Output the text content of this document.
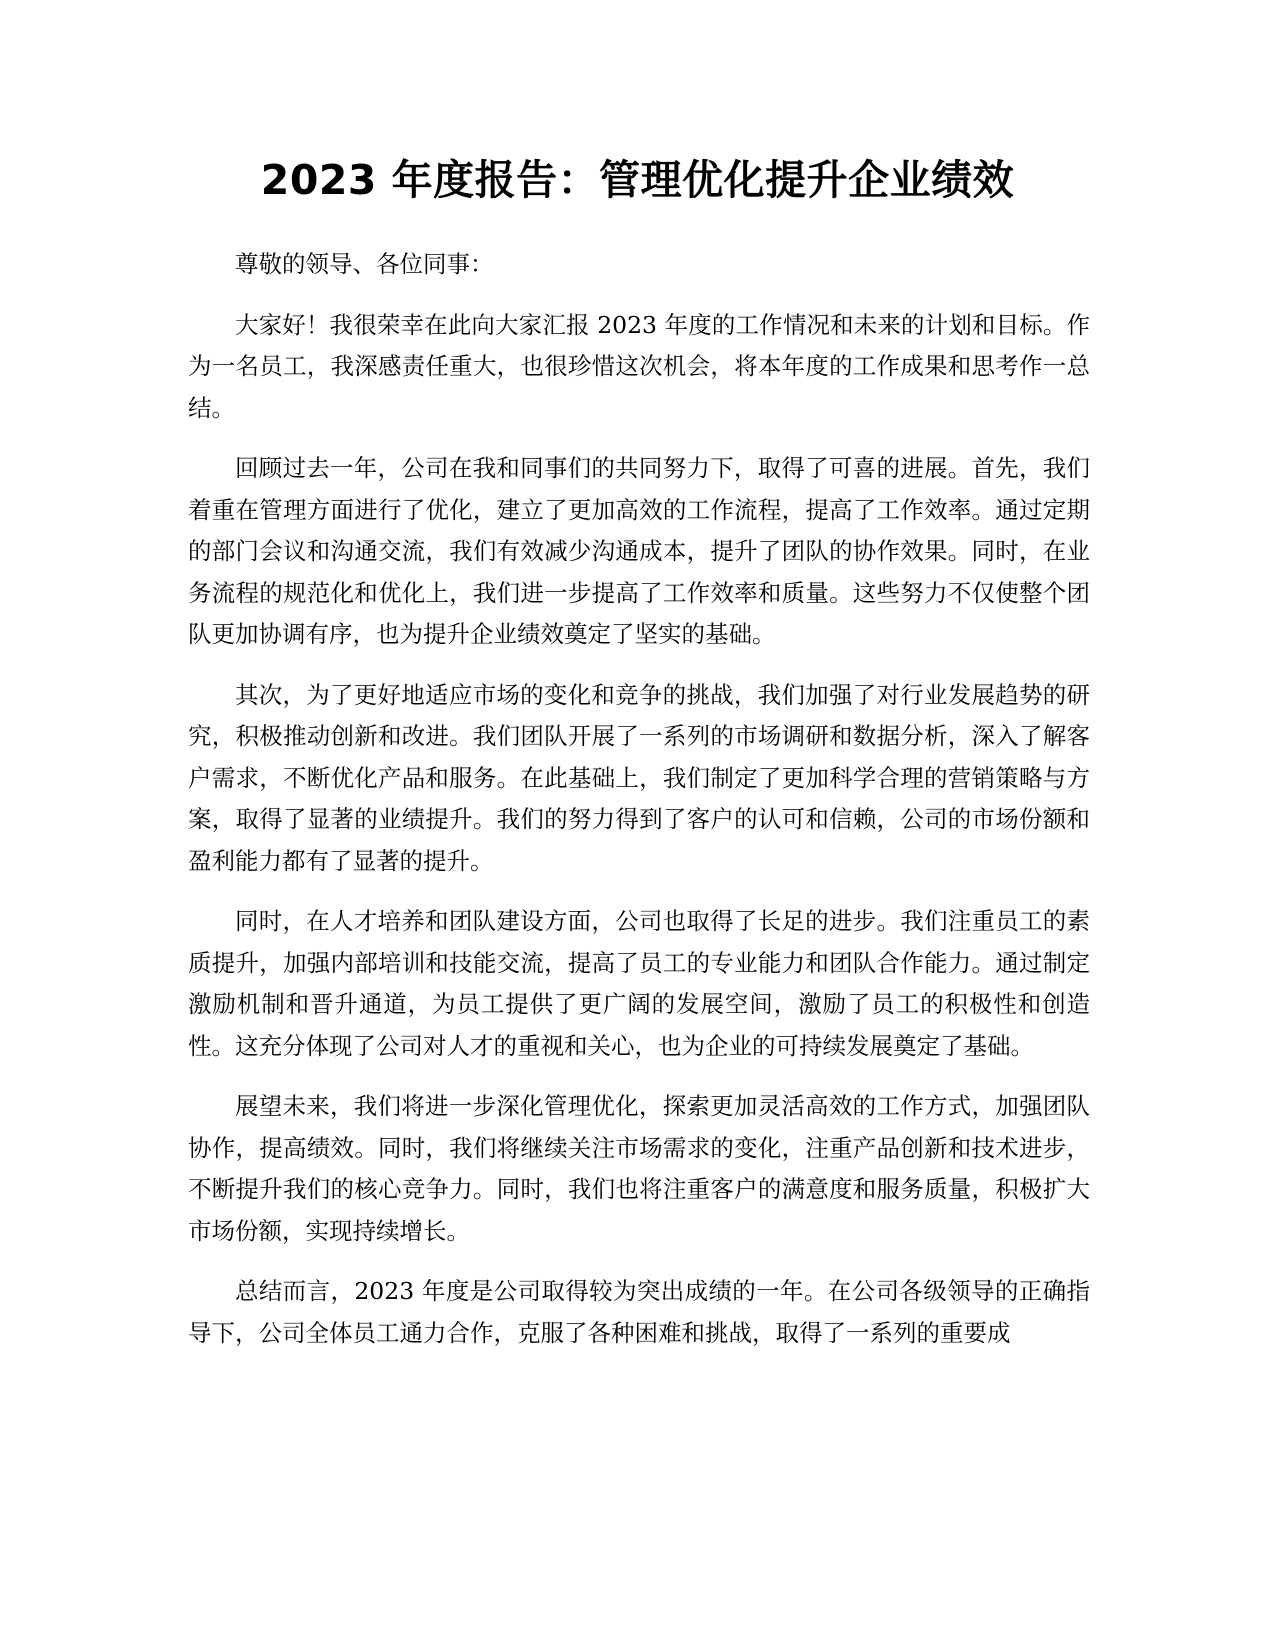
2023 年度报告：管理优化提升企业绩效

尊敬的领导、各位同事：

大家好！我很荣幸在此向大家汇报 2023 年度的工作情况和未来的计划和目标。作为一名员工，我深感责任重大，也很珍惜这次机会，将本年度的工作成果和思考作一总结。

回顾过去一年，公司在我和同事们的共同努力下，取得了可喜的进展。首先，我们着重在管理方面进行了优化，建立了更加高效的工作流程，提高了工作效率。通过定期的部门会议和沟通交流，我们有效减少沟通成本，提升了团队的协作效果。同时，在业务流程的规范化和优化上，我们进一步提高了工作效率和质量。这些努力不仅使整个团队更加协调有序，也为提升企业绩效奠定了坚实的基础。

其次，为了更好地适应市场的变化和竞争的挑战，我们加强了对行业发展趋势的研究，积极推动创新和改进。我们团队开展了一系列的市场调研和数据分析，深入了解客户需求，不断优化产品和服务。在此基础上，我们制定了更加科学合理的营销策略与方案，取得了显著的业绩提升。我们的努力得到了客户的认可和信赖，公司的市场份额和盈利能力都有了显著的提升。

同时，在人才培养和团队建设方面，公司也取得了长足的进步。我们注重员工的素质提升，加强内部培训和技能交流，提高了员工的专业能力和团队合作能力。通过制定激励机制和晋升通道，为员工提供了更广阔的发展空间，激励了员工的积极性和创造性。这充分体现了公司对人才的重视和关心，也为企业的可持续发展奠定了基础。

展望未来，我们将进一步深化管理优化，探索更加灵活高效的工作方式，加强团队协作，提高绩效。同时，我们将继续关注市场需求的变化，注重产品创新和技术进步，不断提升我们的核心竞争力。同时，我们也将注重客户的满意度和服务质量，积极扩大市场份额，实现持续增长。

总结而言，2023 年度是公司取得较为突出成绩的一年。在公司各级领导的正确指导下，公司全体员工通力合作，克服了各种困难和挑战，取得了一系列的重要成
